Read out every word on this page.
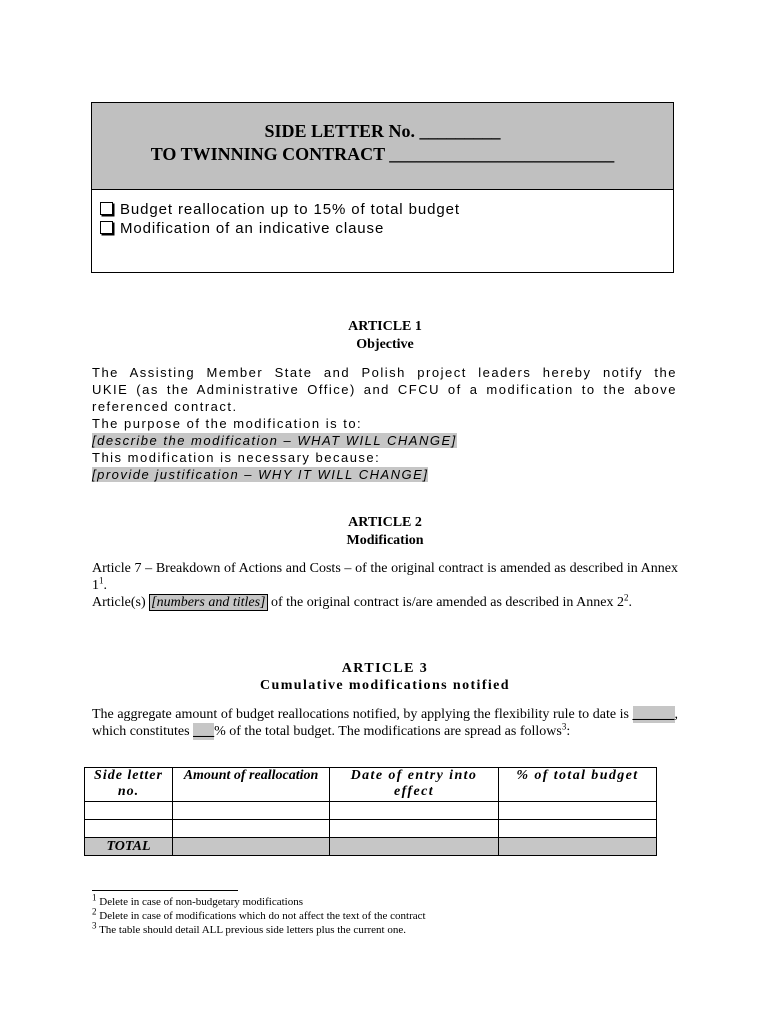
SIDE LETTER No. _________
TO TWINNING CONTRACT _________________________
Budget reallocation up to 15% of total budget
Modification of an indicative clause
ARTICLE 1
Objective
The Assisting Member State and Polish project leaders hereby notify the
UKIE (as the Administrative Office) and CFCU of a modification to the above
referenced contract.
The purpose of the modification is to:
[describe the modification – WHAT WILL CHANGE]
This modification is necessary because:
[provide justification – WHY IT WILL CHANGE]
ARTICLE 2
Modification
Article 7 – Breakdown of Actions and Costs – of the original contract is amended as described in Annex $1^1$.
Article(s) [numbers and titles] of the original contract is/are amended as described in Annex $2^2$.
ARTICLE 3
Cumulative modifications notified
The aggregate amount of budget reallocations notified, by applying the flexibility rule to date is ______, which constitutes ___% of the total budget. The modifications are spread as follows$^3$:
Side letter no.	Amount of reallocation	Date of entry into effect	% of total budget

TOTAL			
$^1$ Delete in case of non-budgetary modifications
$^2$ Delete in case of modifications which do not affect the text of the contract
$^3$ The table should detail ALL previous side letters plus the current one.
